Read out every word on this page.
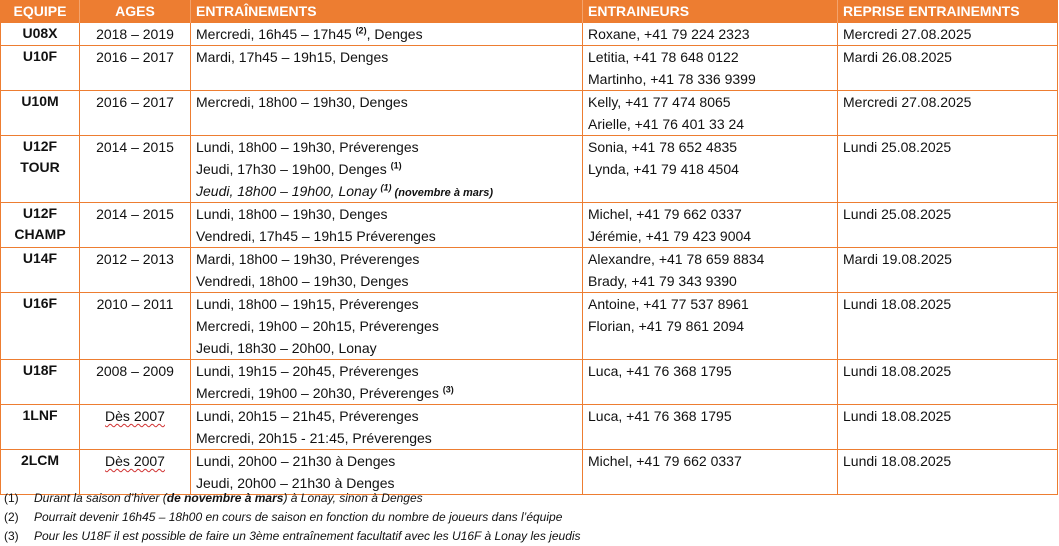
EQUIPE	AGES	ENTRAÎNEMENTS	ENTRAINEURS	REPRISE ENTRAINEMNTS

U08X	2018 – 2019	Mercredi, 16h45 – 17h45 $^{(2)}$, Denges	Roxane, +41 79 224 2323	Mercredi 27.08.2025

U10F	2016 – 2017	Mardi, 17h45 – 19h15, Denges	Letitia, +41 78 648 0122
Martinho, +41 78 336 9399	Mardi 26.08.2025

U10M	2016 – 2017	Mercredi, 18h00 – 19h30, Denges	Kelly, +41 77 474 8065
Arielle, +41 76 401 33 24	Mercredi 27.08.2025

U12F
TOUR	2014 – 2015	Lundi, 18h00 – 19h30, Préverenges
Jeudi, 17h30 – 19h00, Denges $^{(1)}$
Jeudi, 18h00 – 19h00, Lonay $^{(1)}$ (novembre à mars)	Sonia, +41 78 652 4835
Lynda, +41 79 418 4504	Lundi 25.08.2025

U12F
CHAMP	2014 – 2015	Lundi, 18h00 – 19h30, Denges
Vendredi, 17h45 – 19h15 Préverenges	Michel, +41 79 662 0337
Jérémie, +41 79 423 9004	Lundi 25.08.2025

U14F	2012 – 2013	Mardi, 18h00 – 19h30, Préverenges
Vendredi, 18h00 – 19h30, Denges	Alexandre, +41 78 659 8834
Brady, +41 79 343 9390	Mardi 19.08.2025

U16F	2010 – 2011	Lundi, 18h00 – 19h15, Préverenges
Mercredi, 19h00 – 20h15, Préverenges
Jeudi, 18h30 – 20h00, Lonay	Antoine, +41 77 537 8961
Florian, +41 79 861 2094	Lundi 18.08.2025

U18F	2008 – 2009	Lundi, 19h15 – 20h45, Préverenges
Mercredi, 19h00 – 20h30, Préverenges $^{(3)}$	Luca, +41 76 368 1795	Lundi 18.08.2025

1LNF	Dès 2007	Lundi, 20h15 – 21h45, Préverenges
Mercredi, 20h15 - 21:45, Préverenges	Luca, +41 76 368 1795	Lundi 18.08.2025

2LCM	Dès 2007	Lundi, 20h00 – 21h30 à Denges
Jeudi, 20h00 – 21h30 à Denges	Michel, +41 79 662 0337	Lundi 18.08.2025
(1)	Durant la saison d’hiver (de novembre à mars) à Lonay, sinon à Denges
(2)	Pourrait devenir 16h45 – 18h00 en cours de saison en fonction du nombre de joueurs dans l’équipe
(3)	Pour les U18F il est possible de faire un 3ème entraînement facultatif avec les U16F à Lonay les jeudis
